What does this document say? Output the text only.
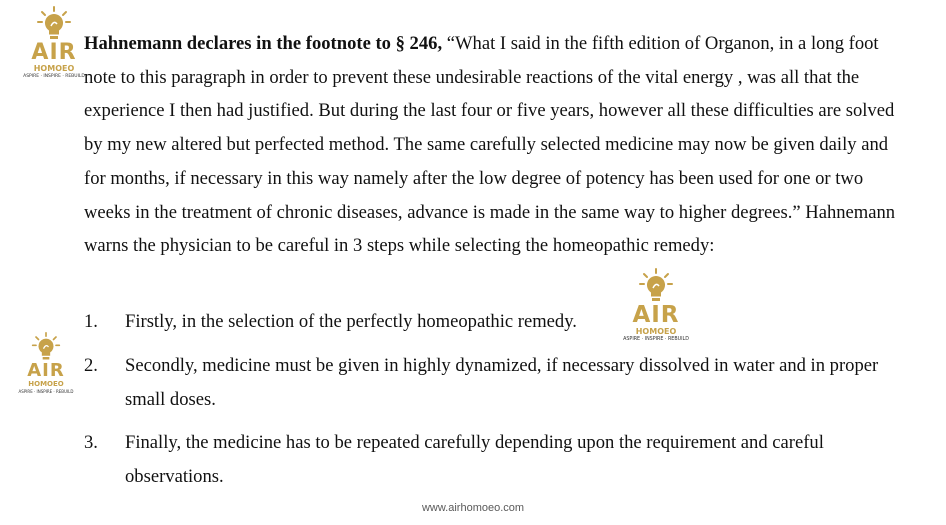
AIR
HOMOEO
ASPIRE · INSPIRE · REBUILD
AIR
HOMOEO
ASPIRE · INSPIRE · REBUILD
AIR
HOMOEO
ASPIRE · INSPIRE · REBUILD

Hahnemann declares in the footnote to § 246, “What I said in the fifth edition of Organon, in a long foot note to this paragraph in order to prevent these undesirable reactions of the vital energy , was all that the experience I then had justified. But during the last four or five years, however all these difficulties are solved by my new altered but perfected method. The same carefully selected medicine may now be given daily and for months, if necessary in this way namely after the low degree of potency has been used for one or two weeks in the treatment of chronic diseases, advance is made in the same way to higher degrees.” Hahnemann warns the physician to be careful in 3 steps while selecting the homeopathic remedy:

1.	Firstly, in the selection of the perfectly homeopathic remedy.
2.	Secondly, medicine must be given in highly dynamized, if necessary dissolved in water and in proper small doses.
3.	Finally, the medicine has to be repeated carefully depending upon the requirement and careful observations.
www.airhomoeo.com
